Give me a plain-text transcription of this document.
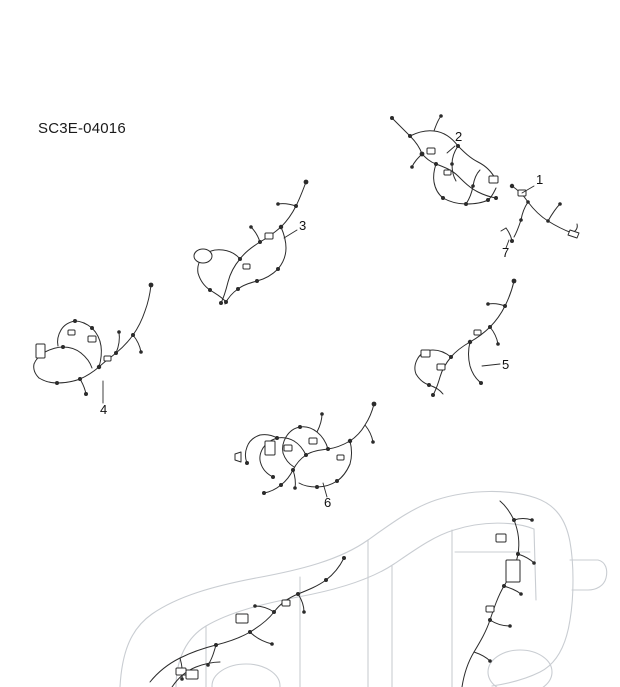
SC3E-04016
1
2
3
4
5
6
7
